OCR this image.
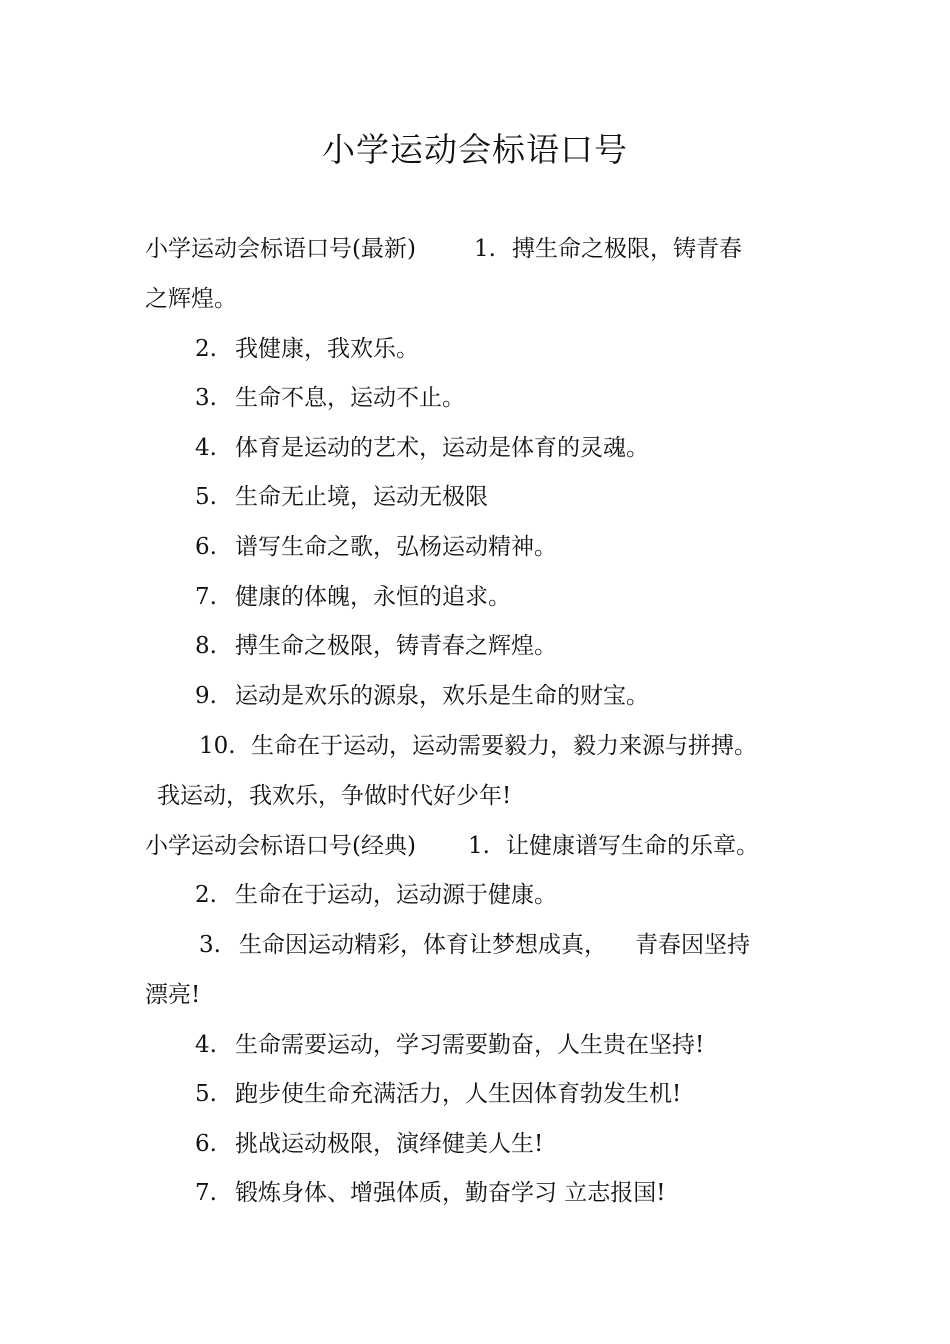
小学运动会标语口号
小学运动会标语口号(最新)	1. 搏生命之极限，铸青春
之辉煌。
2. 我健康，我欢乐。
3. 生命不息，运动不止。
4. 体育是运动的艺术，运动是体育的灵魂。
5. 生命无止境，运动无极限
6. 谱写生命之歌，弘杨运动精神。
7. 健康的体魄，永恒的追求。
8. 搏生命之极限，铸青春之辉煌。
9. 运动是欢乐的源泉，欢乐是生命的财宝。
10. 生命在于运动，运动需要毅力，毅力来源与拼搏。
我运动，我欢乐，争做时代好少年!
小学运动会标语口号(经典) 1. 让健康谱写生命的乐章。
2. 生命在于运动，运动源于健康。
3. 生命因运动精彩，体育让梦想成真， 青春因坚持
漂亮!
4. 生命需要运动，学习需要勤奋，人生贵在坚持!
5. 跑步使生命充满活力，人生因体育勃发生机!
6. 挑战运动极限，演绎健美人生!
7. 锻炼身体、增强体质，勤奋学习 立志报国!
